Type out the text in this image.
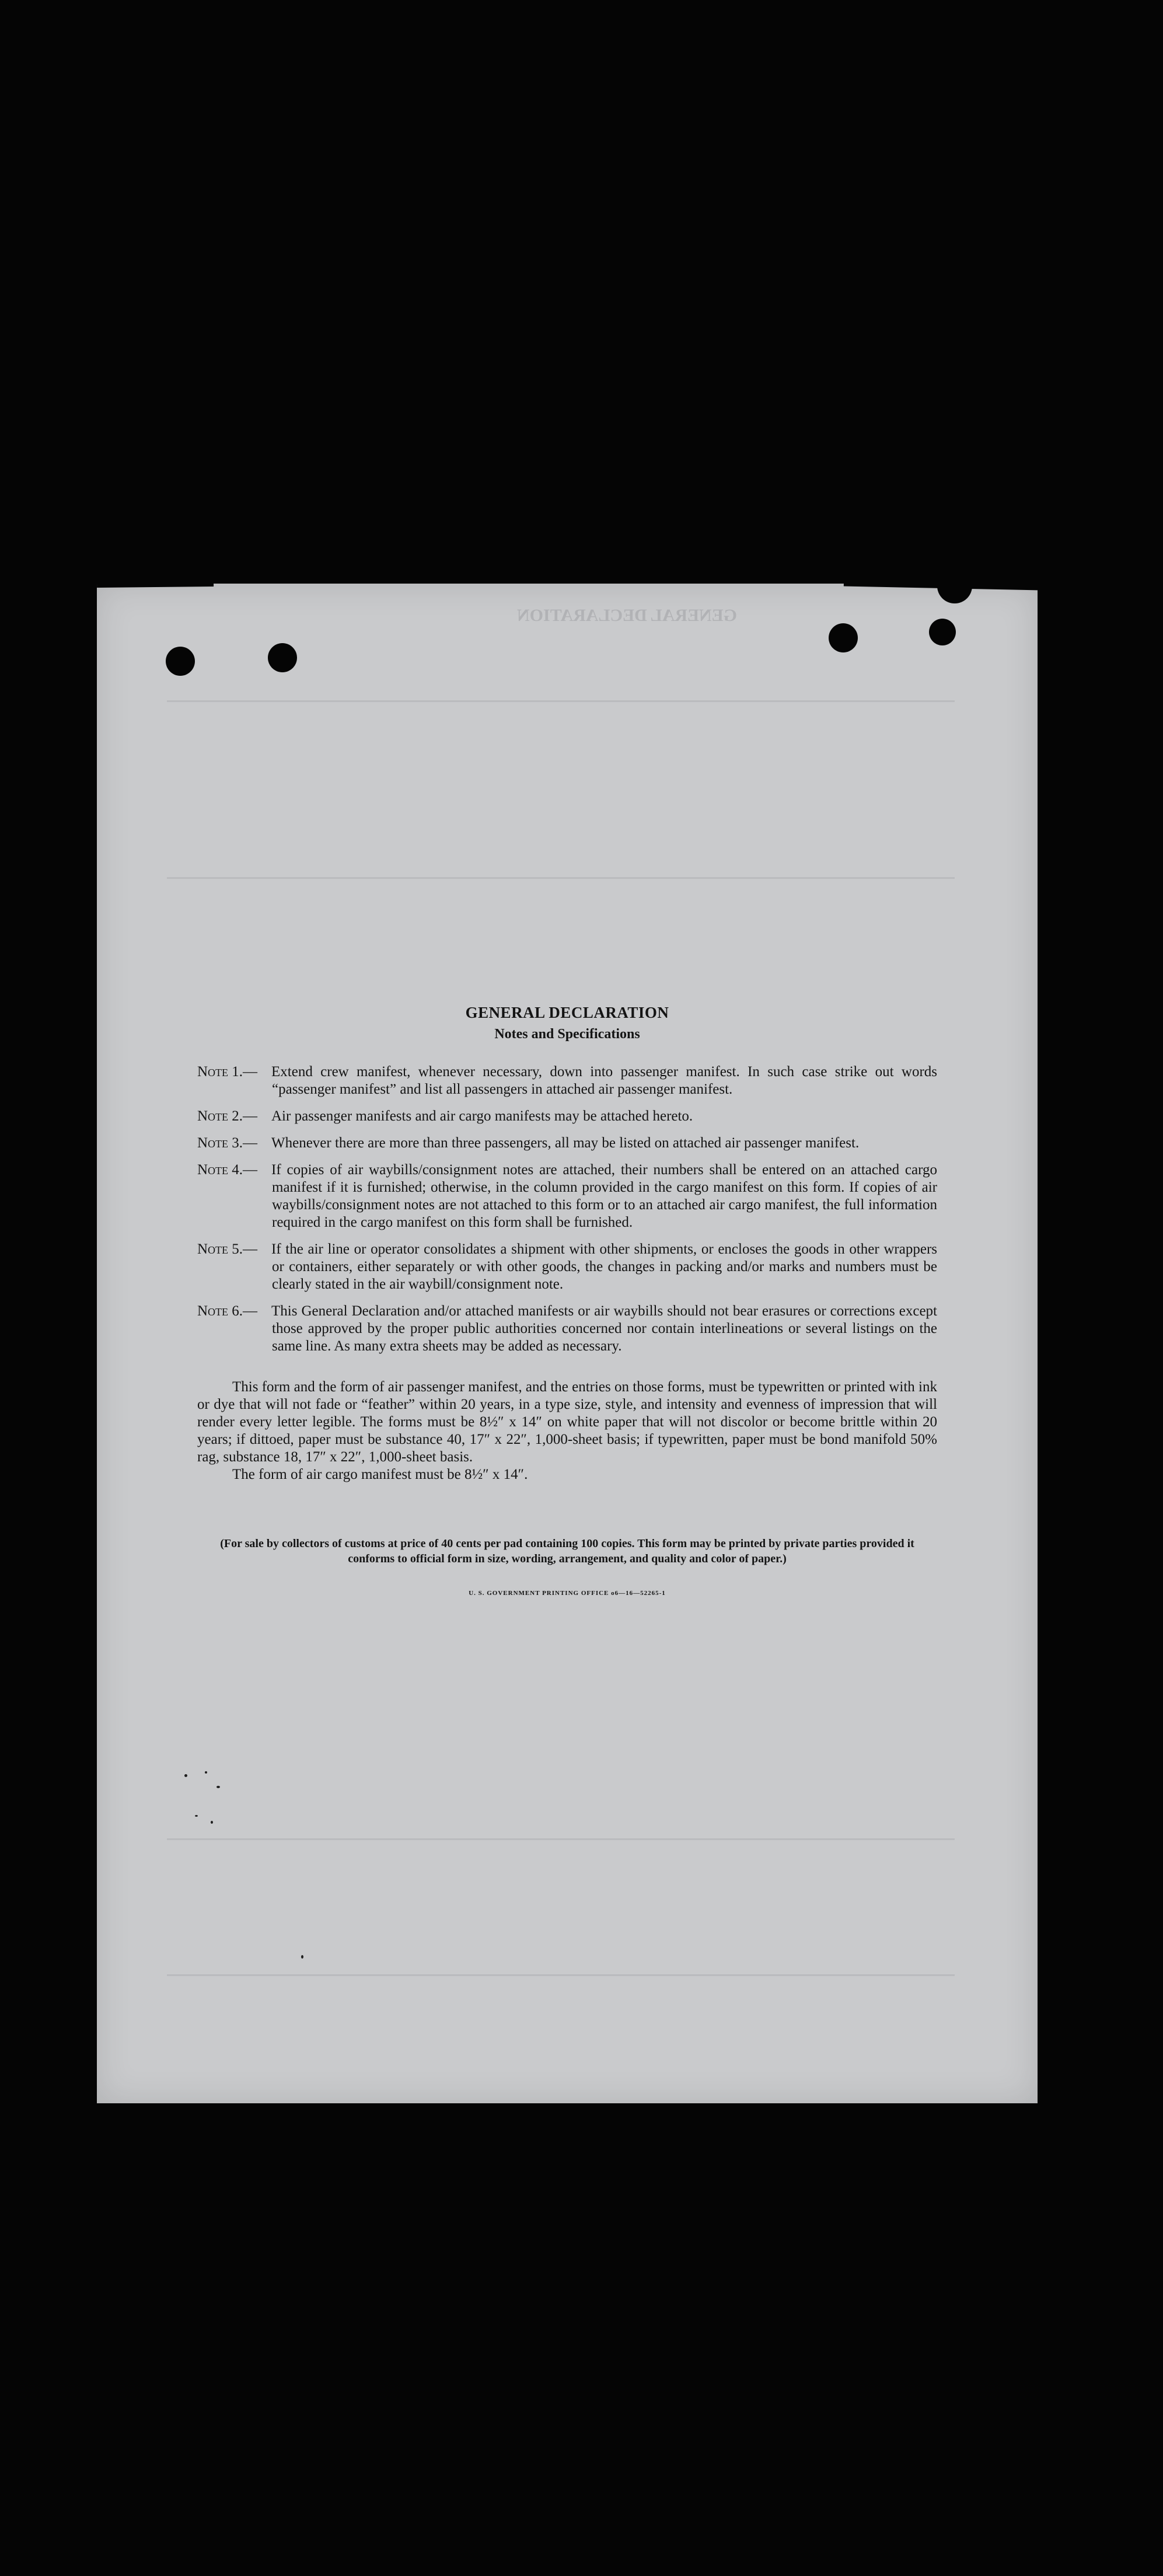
GENERAL DECLARATION
GENERAL DECLARATION
Notes and Specifications
Note 1.— Extend crew manifest, whenever necessary, down into passenger manifest. In such case strike out words “passenger manifest” and list all passengers in attached air passenger manifest.
Note 2.— Air passenger manifests and air cargo manifests may be attached hereto.
Note 3.— Whenever there are more than three passengers, all may be listed on attached air passenger manifest.
Note 4.— If copies of air waybills/consignment notes are attached, their numbers shall be entered on an attached cargo manifest if it is furnished; otherwise, in the column provided in the cargo manifest on this form. If copies of air waybills/consignment notes are not attached to this form or to an attached air cargo manifest, the full information required in the cargo manifest on this form shall be furnished.
Note 5.— If the air line or operator consolidates a shipment with other shipments, or encloses the goods in other wrappers or containers, either separately or with other goods, the changes in packing and/or marks and numbers must be clearly stated in the air waybill/consignment note.
Note 6.— This General Declaration and/or attached manifests or air waybills should not bear erasures or corrections except those approved by the proper public authorities concerned nor contain interlineations or several listings on the same line. As many extra sheets may be added as necessary.
This form and the form of air passenger manifest, and the entries on those forms, must be typewritten or printed with ink or dye that will not fade or “feather” within 20 years, in a type size, style, and intensity and evenness of impression that will render every letter legible. The forms must be 8½″ x 14″ on white paper that will not discolor or become brittle within 20 years; if dittoed, paper must be substance 40, 17″ x 22″, 1,000-sheet basis; if typewritten, paper must be bond manifold 50% rag, substance 18, 17″ x 22″, 1,000-sheet basis.
The form of air cargo manifest must be 8½″ x 14″.
(For sale by collectors of customs at price of 40 cents per pad containing 100 copies. This form may be printed by private parties provided it conforms to official form in size, wording, arrangement, and quality and color of paper.)
U. S. GOVERNMENT PRINTING OFFICE o6—16—52265-1
